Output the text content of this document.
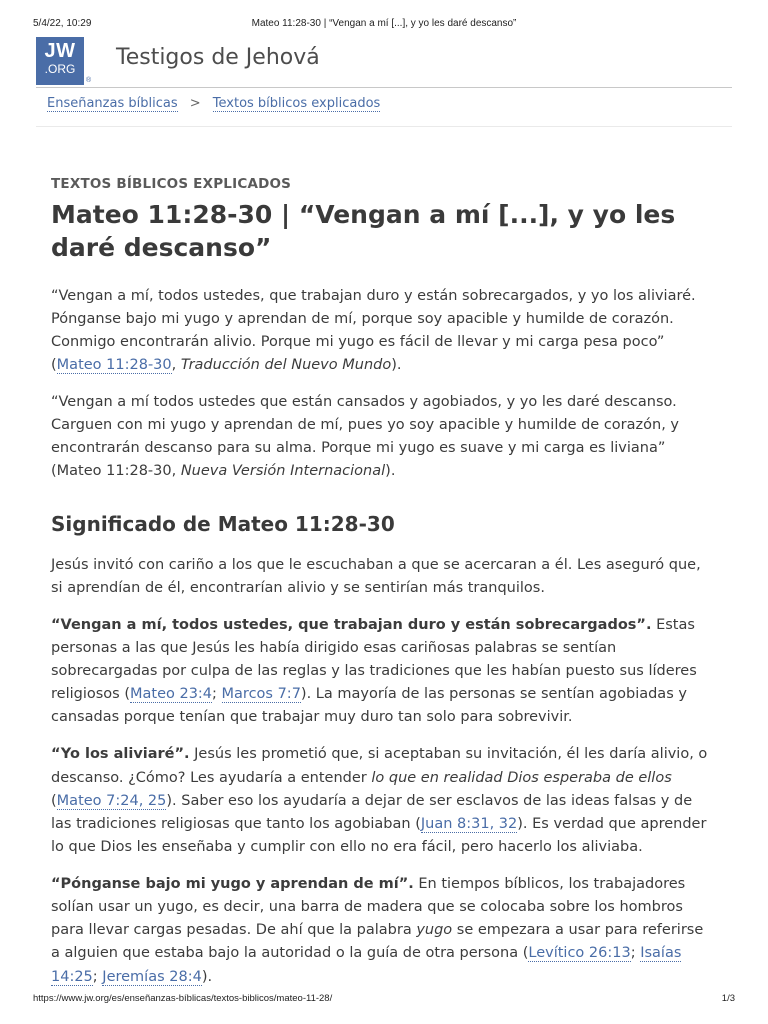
5/4/22, 10:29	Mateo 11:28-30 | “Vengan a mí [...], y yo les daré descanso”
JW
.ORG
®
Testigos de Jehová
Enseñanzas bíblicas > Textos bíblicos explicados
TEXTOS BÍBLICOS EXPLICADOS
Mateo 11:28-30 | “Vengan a mí [...], y yo les daré descanso”

“Vengan a mí, todos ustedes, que trabajan duro y están sobrecargados, y yo los aliviaré. Pónganse bajo mi yugo y aprendan de mí, porque soy apacible y humilde de corazón. Conmigo encontrarán alivio. Porque mi yugo es fácil de llevar y mi carga pesa poco” (Mateo 11:28-30, Traducción del Nuevo Mundo).

“Vengan a mí todos ustedes que están cansados y agobiados, y yo les daré descanso. Carguen con mi yugo y aprendan de mí, pues yo soy apacible y humilde de corazón, y encontrarán descanso para su alma. Porque mi yugo es suave y mi carga es liviana” (Mateo 11:28-30, Nueva Versión Internacional).

Significado de Mateo 11:28-30

Jesús invitó con cariño a los que le escuchaban a que se acercaran a él. Les aseguró que, si aprendían de él, encontrarían alivio y se sentirían más tranquilos.

“Vengan a mí, todos ustedes, que trabajan duro y están sobrecargados”. Estas personas a las que Jesús les había dirigido esas cariñosas palabras se sentían sobrecargadas por culpa de las reglas y las tradiciones que les habían puesto sus líderes religiosos (Mateo 23:4; Marcos 7:7). La mayoría de las personas se sentían agobiadas y cansadas porque tenían que trabajar muy duro tan solo para sobrevivir.

“Yo los aliviaré”. Jesús les prometió que, si aceptaban su invitación, él les daría alivio, o descanso. ¿Cómo? Les ayudaría a entender lo que en realidad Dios esperaba de ellos (Mateo 7:24, 25). Saber eso los ayudaría a dejar de ser esclavos de las ideas falsas y de las tradiciones religiosas que tanto los agobiaban (Juan 8:31, 32). Es verdad que aprender lo que Dios les enseñaba y cumplir con ello no era fácil, pero hacerlo los aliviaba.

“Pónganse bajo mi yugo y aprendan de mí”. En tiempos bíblicos, los trabajadores solían usar un yugo, es decir, una barra de madera que se colocaba sobre los hombros para llevar cargas pesadas. De ahí que la palabra yugo se empezara a usar para referirse a alguien que estaba bajo la autoridad o la guía de otra persona (Levítico 26:13; Isaías 14:25; Jeremías 28:4).

https://www.jw.org/es/enseñanzas-bíblicas/textos-biblicos/mateo-11-28/	1/3
